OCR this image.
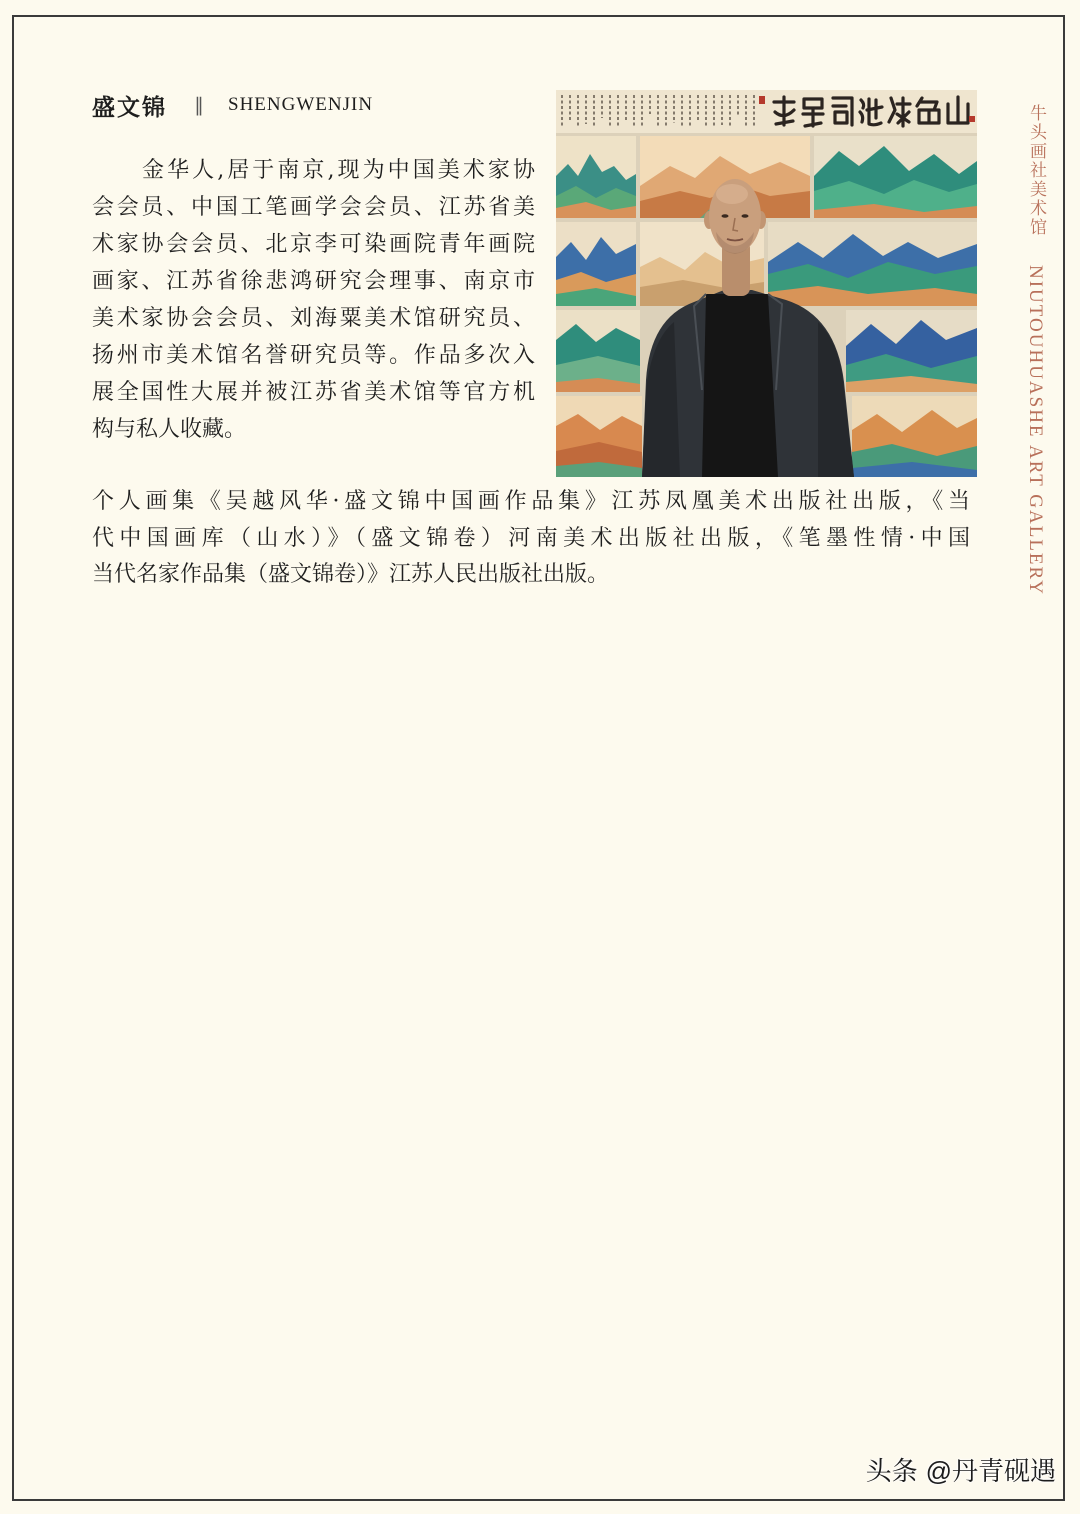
盛文锦 ‖ SHENGWENJIN
金华人,居于南京,现为中国美术家协
会会员、中国工笔画学会会员、江苏省美
术家协会会员、北京李可染画院青年画院
画家、江苏省徐悲鸿研究会理事、南京市
美术家协会会员、刘海粟美术馆研究员、
扬州市美术馆名誉研究员等。作品多次入
展全国性大展并被江苏省美术馆等官方机
构与私人收藏。
牛头画社美术馆
NIUTOUHUASHE
ART GALLERY
个人画集《吴越风华·盛文锦中国画作品集》江苏凤凰美术出版社出版，《当
代中国画库（山水）》（盛文锦卷）河南美术出版社出版，《笔墨性情·中国
当代名家作品集（盛文锦卷）》江苏人民出版社出版。
头条 @丹青砚遇
